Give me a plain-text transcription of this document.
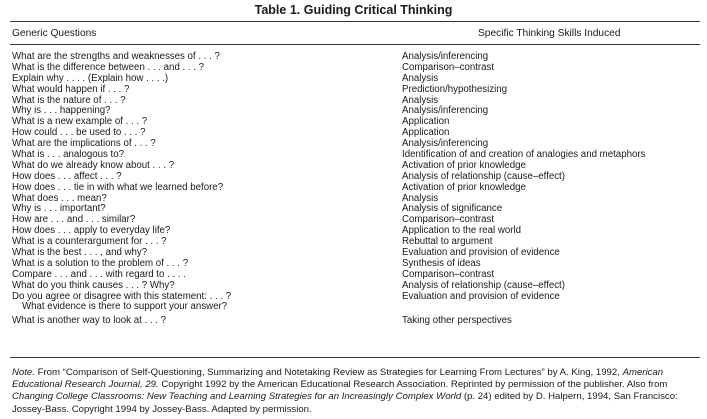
Table 1. Guiding Critical Thinking
Generic Questions	Specific Thinking Skills Induced
What are the strengths and weaknesses of . . . ?	Analysis/inferencing
What is the difference between . . . and . . . ?	Comparison–contrast
Explain why . . . . (Explain how . . . .)	Analysis
What would happen if . . . ?	Prediction/hypothesizing
What is the nature of . . . ?	Analysis
Why is . . . happening?	Analysis/inferencing
What is a new example of . . . ?	Application
How could . . . be used to . . . ?	Application
What are the implications of . . . ?	Analysis/inferencing
What is . . . analogous to?	Identification of and creation of analogies and metaphors
What do we already know about . . . ?	Activation of prior knowledge
How does . . . affect . . . ?	Analysis of relationship (cause–effect)
How does . . . tie in with what we learned before?	Activation of prior knowledge
What does . . . mean?	Analysis
Why is . . . important?	Analysis of significance
How are . . . and . . . similar?	Comparison–contrast
How does . . . apply to everyday life?	Application to the real world
What is a counterargument for . . . ?	Rebuttal to argument
What is the best . . . , and why?	Evaluation and provision of evidence
What is a solution to the problem of . . . ?	Synthesis of ideas
Compare . . . and . . . with regard to . . . .	Comparison–contrast
What do you think causes . . . ? Why?	Analysis of relationship (cause–effect)
Do you agree or disagree with this statement: . . . ?	Evaluation and provision of evidence
What evidence is there to support your answer?
What is another way to look at . . . ?	Taking other perspectives
Note. From “Comparison of Self-Questioning, Summarizing and Notetaking Review as Strategies for Learning From Lectures” by A. King, 1992, American Educational Research Journal, 29. Copyright 1992 by the American Educational Research Association. Reprinted by permission of the publisher. Also from Changing College Classrooms: New Teaching and Learning Strategies for an Increasingly Complex World (p. 24) edited by D. Halpern, 1994, San Francisco: Jossey-Bass. Copyright 1994 by Jossey-Bass. Adapted by permission.
